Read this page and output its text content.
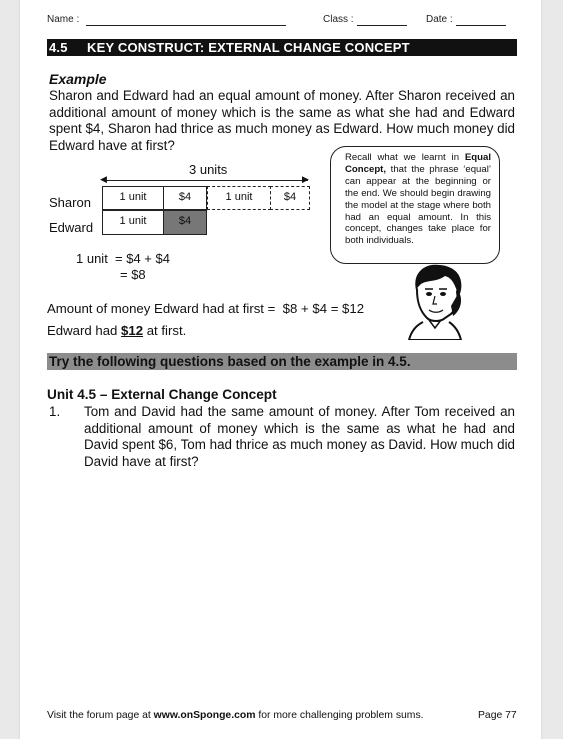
Name :	Class :	Date :
4.5 KEY CONSTRUCT: EXTERNAL CHANGE CONCEPT
Example
Sharon and Edward had an equal amount of money. After Sharon received an additional amount of money which is the same as what she had and Edward spent $4, Sharon had thrice as much money as Edward. How much money did Edward have at first?
3 units
◀	▶
Sharon	1 unit	$4	1 unit	$4
Edward	1 unit	$4
1 unit  = $4 + $4
= $8
Recall what we learnt in Equal Concept, that the phrase ‘equal’ can appear at the beginning or the end. We should begin drawing the model at the stage where both had an equal amount. In this concept, changes take place for both individuals.
Amount of money Edward had at first =  $8 + $4 = $12
Edward had $12 at first.
Try the following questions based on the example in 4.5.
Unit 4.5 – External Change Concept
1. Tom and David had the same amount of money. After Tom received an additional amount of money which is the same as what he had and David spent $6, Tom had thrice as much money as David. How much did David have at first?
Visit the forum page at www.onSponge.com for more challenging problem sums.	Page 77
